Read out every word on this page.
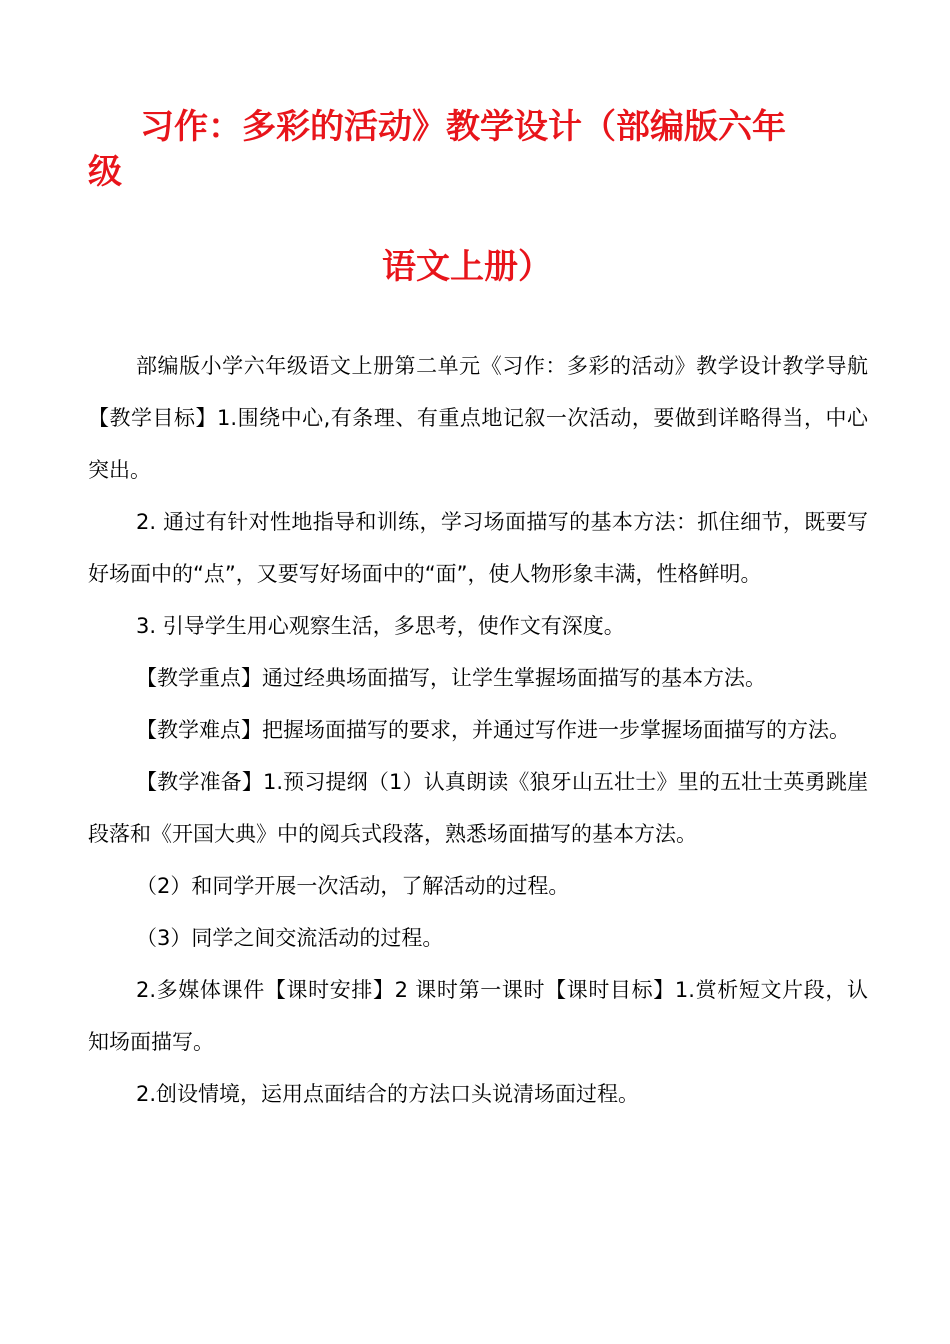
习作：多彩的活动》教学设计（部编版六年
级
语文上册）

部编版小学六年级语文上册第二单元《习作：多彩的活动》教学设计教学导航【教学目标】1.围绕中心,有条理、有重点地记叙一次活动，要做到详略得当，中心突出。

2. 通过有针对性地指导和训练，学习场面描写的基本方法：抓住细节，既要写好场面中的“点”，又要写好场面中的“面”，使人物形象丰满，性格鲜明。

3. 引导学生用心观察生活，多思考，使作文有深度。

【教学重点】通过经典场面描写，让学生掌握场面描写的基本方法。

【教学难点】把握场面描写的要求，并通过写作进一步掌握场面描写的方法。

【教学准备】1.预习提纲（1）认真朗读《狼牙山五壮士》里的五壮士英勇跳崖段落和《开国大典》中的阅兵式段落，熟悉场面描写的基本方法。

（2）和同学开展一次活动，了解活动的过程。

（3）同学之间交流活动的过程。

2.多媒体课件【课时安排】2 课时第一课时【课时目标】1.赏析短文片段，认知场面描写。

2.创设情境，运用点面结合的方法口头说清场面过程。
